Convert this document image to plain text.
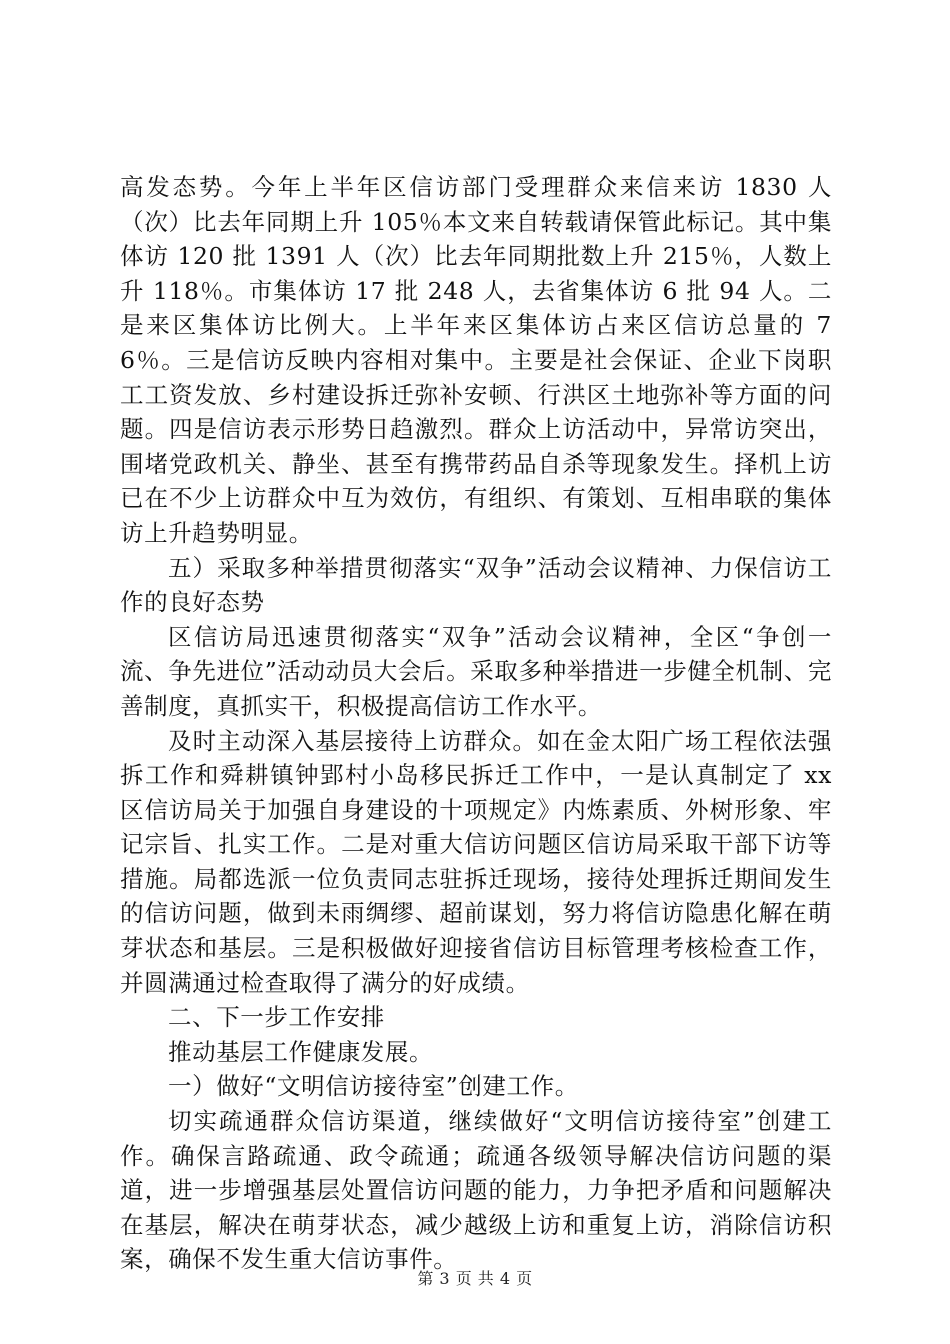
高发态势。今年上半年区信访部门受理群众来信来访 1830 人（次）比去年同期上升 105％本文来自转载请保管此标记。其中集体访 120 批 1391 人（次）比去年同期批数上升 215％，人数上升 118％。市集体访 17 批 248 人，去省集体访 6 批 94 人。二是来区集体访比例大。上半年来区集体访占来区信访总量的 76％。三是信访反映内容相对集中。主要是社会保证、企业下岗职工工资发放、乡村建设拆迁弥补安顿、行洪区土地弥补等方面的问题。四是信访表示形势日趋激烈。群众上访活动中，异常访突出，围堵党政机关、静坐、甚至有携带药品自杀等现象发生。择机上访已在不少上访群众中互为效仿，有组织、有策划、互相串联的集体访上升趋势明显。

五）采取多种举措贯彻落实“双争”活动会议精神、力保信访工作的良好态势

区信访局迅速贯彻落实“双争”活动会议精神，全区“争创一流、争先进位”活动动员大会后。采取多种举措进一步健全机制、完善制度，真抓实干，积极提高信访工作水平。

及时主动深入基层接待上访群众。如在金太阳广场工程依法强拆工作和舜耕镇钟郢村小岛移民拆迁工作中，一是认真制定了 xx 区信访局关于加强自身建设的十项规定》内炼素质、外树形象、牢记宗旨、扎实工作。二是对重大信访问题区信访局采取干部下访等措施。局都选派一位负责同志驻拆迁现场，接待处理拆迁期间发生的信访问题，做到未雨绸缪、超前谋划，努力将信访隐患化解在萌芽状态和基层。三是积极做好迎接省信访目标管理考核检查工作，并圆满通过检查取得了满分的好成绩。

二、下一步工作安排

推动基层工作健康发展。

一）做好“文明信访接待室”创建工作。

切实疏通群众信访渠道，继续做好“文明信访接待室”创建工作。确保言路疏通、政令疏通；疏通各级领导解决信访问题的渠道，进一步增强基层处置信访问题的能力，力争把矛盾和问题解决在基层，解决在萌芽状态，减少越级上访和重复上访，消除信访积案，确保不发生重大信访事件。

第 3 页 共 4 页
